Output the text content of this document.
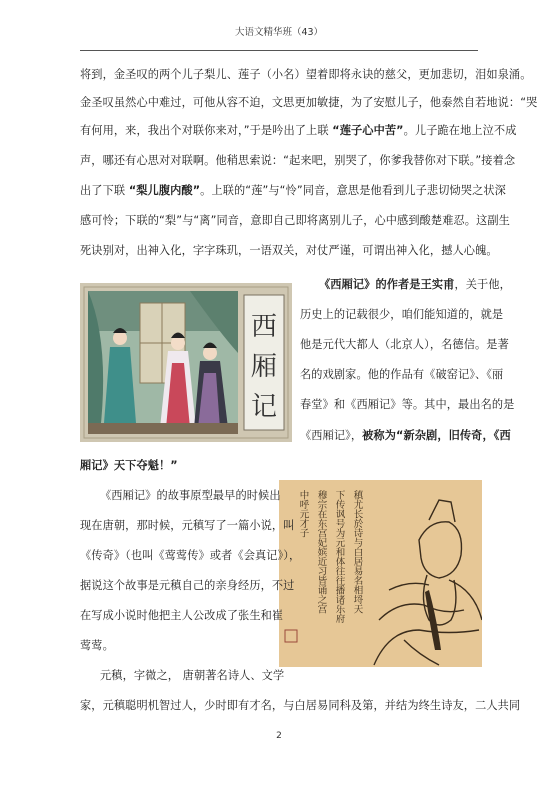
大语文精华班（43）
将到，金圣叹的两个儿子梨儿、莲子（小名）望着即将永诀的慈父，更加悲切，泪如泉涌。
金圣叹虽然心中难过，可他从容不迫，文思更加敏捷，为了安慰儿子，他泰然自若地说：“哭
有何用，来，我出个对联你来对，”于是吟出了上联 “莲子心中苦”。儿子跪在地上泣不成
声，哪还有心思对对联啊。他稍思索说：“起来吧，别哭了，你爹我替你对下联。”接着念
出了下联 “梨儿腹内酸”。上联的“莲”与“怜”同音，意思是他看到儿子悲切恸哭之状深
感可怜；下联的“梨”与“离”同音，意即自己即将离别儿子，心中感到酸楚难忍。这副生
死诀别对，出神入化，字字珠玑，一语双关，对仗严谨，可谓出神入化，撼人心魄。
西
厢
记
《西厢记》的作者是王实甫，关于他，
历史上的记载很少，咱们能知道的，就是
他是元代大都人（北京人），名德信。是著
名的戏剧家。他的作品有《破窑记》、《丽
春堂》和《西厢记》等。其中，最出名的是
《西厢记》，被称为“新杂剧，旧传奇，《西
厢记》天下夺魁！”
稹尤长於诗与白居易名相埒天
下传讽号为元和体往往播诸乐府
穆宗在东宫妃嫔近习皆诵之宫
中呼元才子
《西厢记》的故事原型最早的时候出
现在唐朝，那时候，元稹写了一篇小说，叫
《传奇》（也叫《莺莺传》或者《会真记》），
据说这个故事是元稹自己的亲身经历，不过
在写成小说时他把主人公改成了张生和崔
莺莺。
元稹，字微之， 唐朝著名诗人、文学
家，元稹聪明机智过人，少时即有才名，与白居易同科及第，并结为终生诗友，二人共同
2
